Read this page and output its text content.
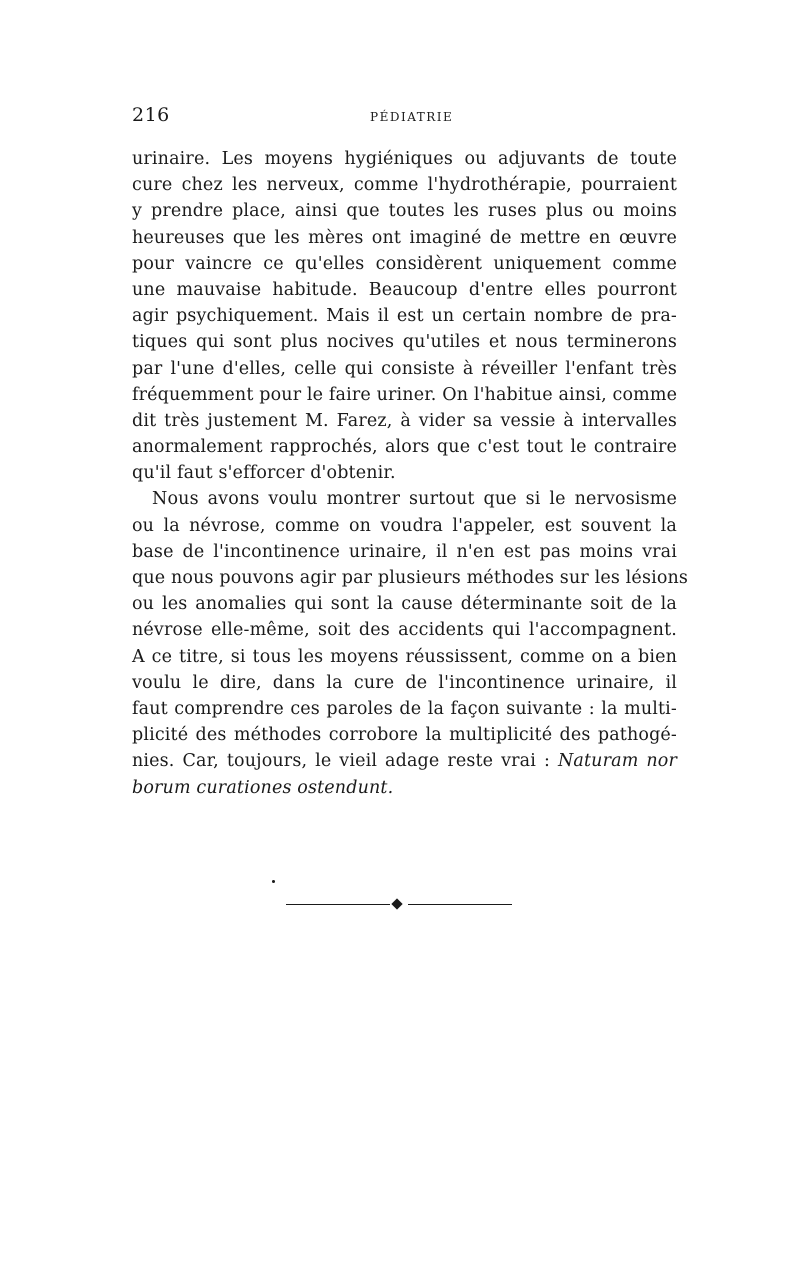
216	PÉDIATRIE
urinaire. Les moyens hygiéniques ou adjuvants de toute
cure chez les nerveux, comme l'hydrothérapie, pourraient
y prendre place, ainsi que toutes les ruses plus ou moins
heureuses que les mères ont imaginé de mettre en œuvre
pour vaincre ce qu'elles considèrent uniquement comme
une mauvaise habitude. Beaucoup d'entre elles pourront
agir psychiquement. Mais il est un certain nombre de pra-
tiques qui sont plus nocives qu'utiles et nous terminerons
par l'une d'elles, celle qui consiste à réveiller l'enfant très
fréquemment pour le faire uriner. On l'habitue ainsi, comme
dit très justement M. Farez, à vider sa vessie à intervalles
anormalement rapprochés, alors que c'est tout le contraire
qu'il faut s'efforcer d'obtenir.
Nous avons voulu montrer surtout que si le nervosisme
ou la névrose, comme on voudra l'appeler, est souvent la
base de l'incontinence urinaire, il n'en est pas moins vrai
que nous pouvons agir par plusieurs méthodes sur les lésions
ou les anomalies qui sont la cause déterminante soit de la
névrose elle-même, soit des accidents qui l'accompagnent.
A ce titre, si tous les moyens réussissent, comme on a bien
voulu le dire, dans la cure de l'incontinence urinaire, il
faut comprendre ces paroles de la façon suivante : la multi-
plicité des méthodes corrobore la multiplicité des pathogé-
nies. Car, toujours, le vieil adage reste vrai : Naturam nor
borum curationes ostendunt.
